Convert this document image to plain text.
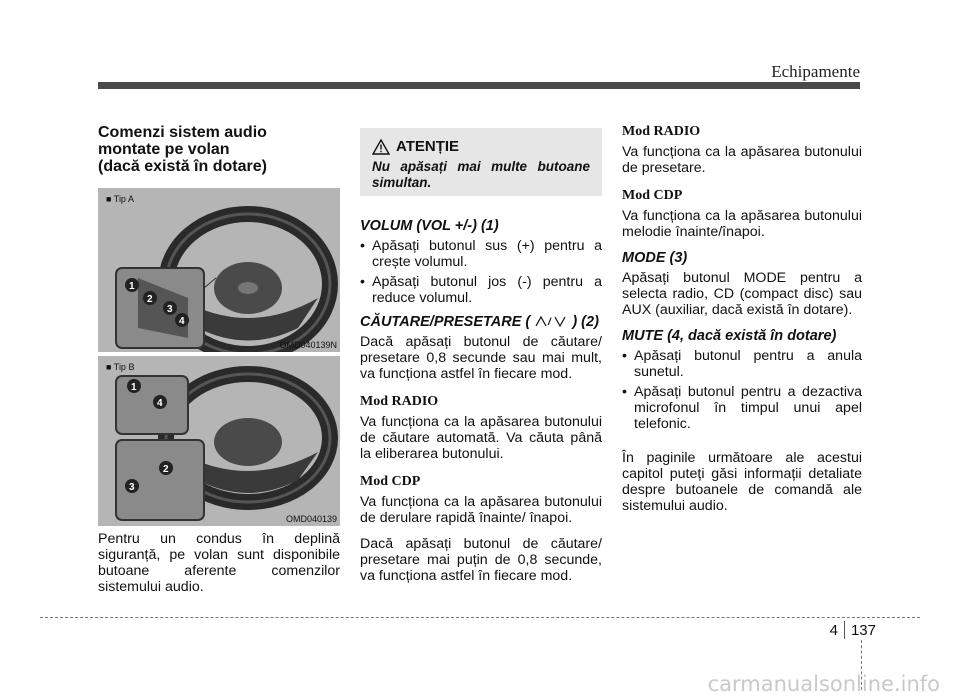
Echipamente
Comenzi sistem audio
montate pe volan
(dacă există în dotare)
1
2
3
4
■ Tip A
OMD040139N
1
4
2
3
■ Tip B
OMD040139

Pentru un condus în deplină siguranță, pe volan sunt disponibile butoane aferente comenzilor sistemului audio.

ATENȚIE
Nu apăsați mai multe butoane simultan.
VOLUM (VOL +/-) (1)
• Apăsați butonul sus (+) pentru a crește volumul.
• Apăsați butonul jos (-) pentru a reduce volumul.
CĂUTARE/PRESETARE ( / ) (2)

Dacă apăsați butonul de căutare/ presetare 0,8 secunde sau mai mult, va funcționa astfel în fiecare mod.

Mod RADIO

Va funcționa ca la apăsarea butonului de căutare automată. Va căuta până la eliberarea butonului.

Mod CDP

Va funcționa ca la apăsarea butonului de derulare rapidă înainte/ înapoi.

Dacă apăsați butonul de căutare/ presetare mai puțin de 0,8 secunde, va funcționa astfel în fiecare mod.

Mod RADIO

Va funcționa ca la apăsarea butonului de presetare.

Mod CDP

Va funcționa ca la apăsarea butonului melodie înainte/înapoi.

MODE (3)

Apăsați butonul MODE pentru a selecta radio, CD (compact disc) sau AUX (auxiliar, dacă există în dotare).

MUTE (4, dacă există în dotare)
• Apăsați butonul pentru a anula sunetul.
• Apăsați butonul pentru a dezactiva microfonul în timpul unui apel telefonic.

În paginile următoare ale acestui capitol puteți găsi informații detaliate despre butoanele de comandă ale sistemului audio.

4 137
carmanualsonline.info
